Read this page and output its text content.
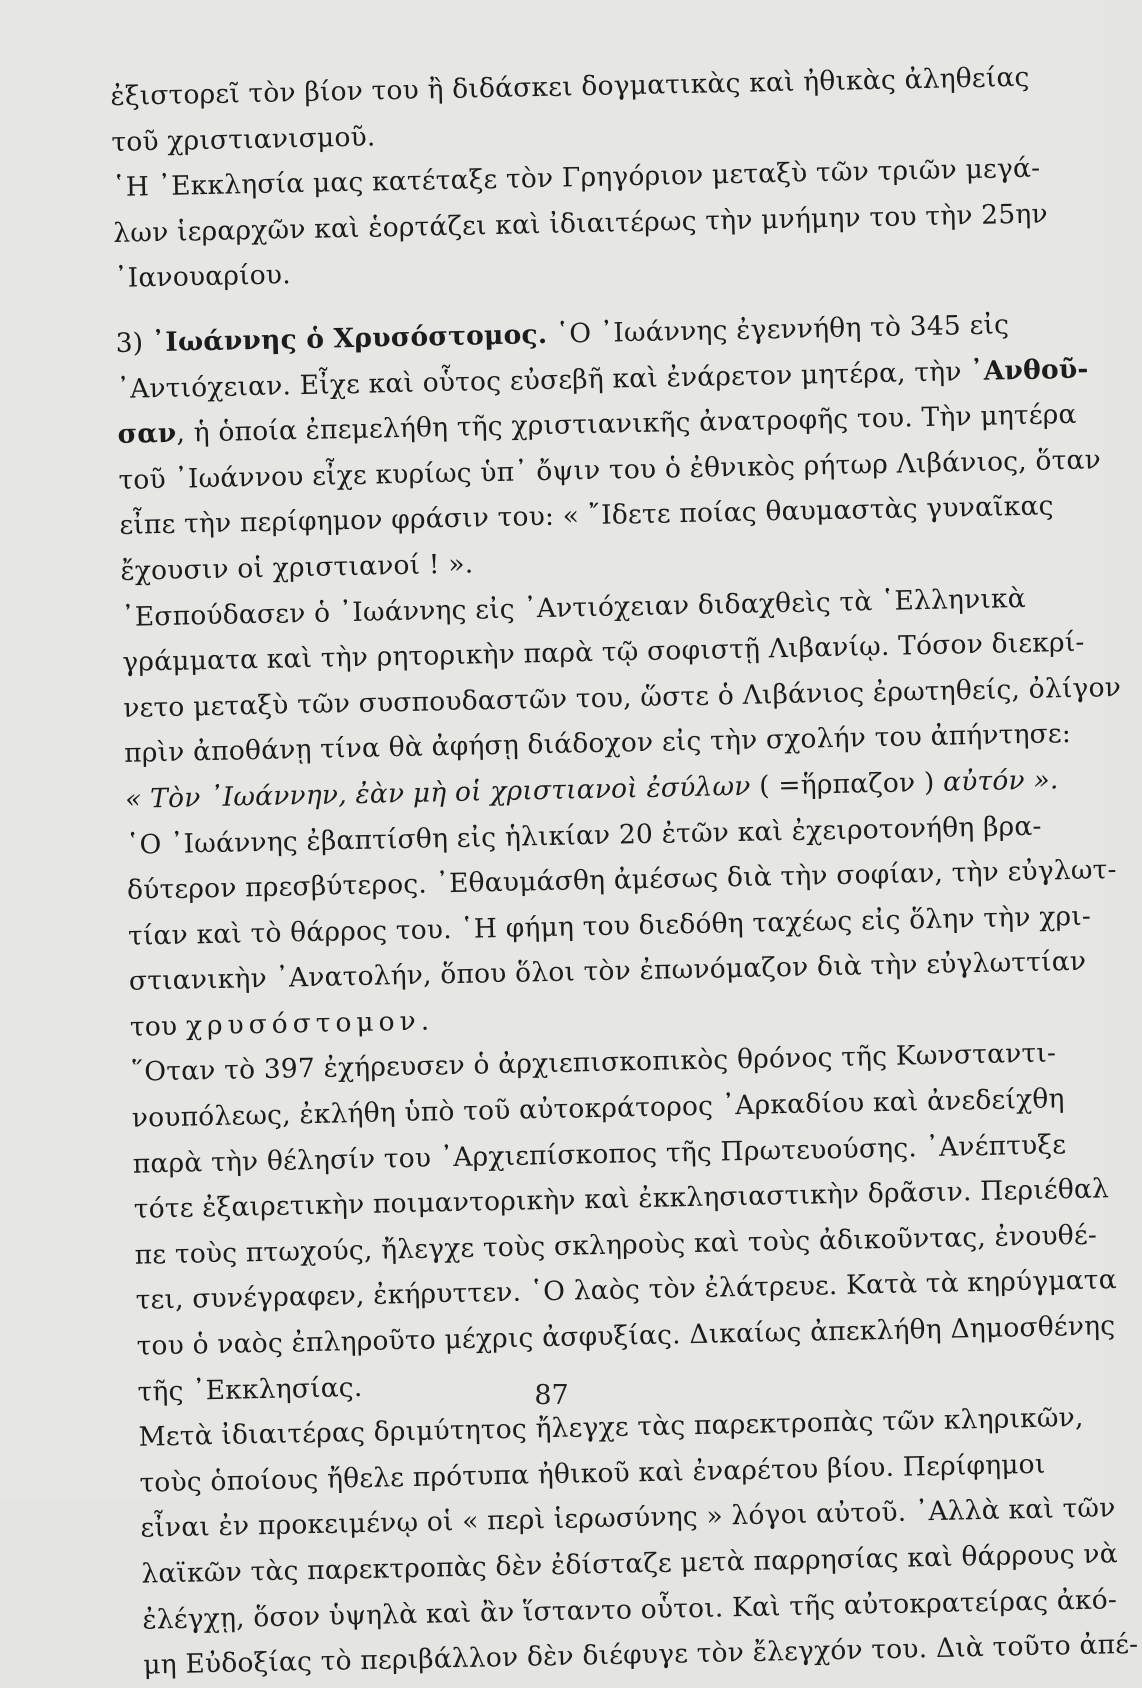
ἐξιστορεῖ τὸν βίον του ἢ διδάσκει δογματικὰς καὶ ἠθικὰς ἀληθείας
τοῦ χριστιανισμοῦ.
῾Η ᾽Εκκλησία μας κατέταξε τὸν Γρηγόριον μεταξὺ τῶν τριῶν μεγά-
λων ἱεραρχῶν καὶ ἑορτάζει καὶ ἰδιαιτέρως τὴν μνήμην του τὴν 25ην
᾽Ιανουαρίου.
3) ᾽Ιωάννης ὁ Χρυσόστομος. ῾Ο ᾽Ιωάννης ἐγεννήθη τὸ 345 εἰς
᾽Αντιόχειαν. Εἶχε καὶ οὗτος εὐσεβῆ καὶ ἐνάρετον μητέρα, τὴν ᾽Ανθοῦ-
σαν, ἡ ὁποία ἐπεμελήθη τῆς χριστιανικῆς ἀνατροφῆς του. Τὴν μητέρα
τοῦ ᾽Ιωάννου εἶχε κυρίως ὑπ᾽ ὄψιν του ὁ ἐθνικὸς ρήτωρ Λιβάνιος, ὅταν
εἶπε τὴν περίφημον φράσιν του: « ῎Ιδετε ποίας θαυμαστὰς γυναῖκας
ἔχουσιν οἱ χριστιανοί ! ».
᾽Εσπούδασεν ὁ ᾽Ιωάννης εἰς ᾽Αντιόχειαν διδαχθεὶς τὰ ῾Ελληνικὰ
γράμματα καὶ τὴν ρητορικὴν παρὰ τῷ σοφιστῇ Λιβανίῳ. Τόσον διεκρί-
νετο μεταξὺ τῶν συσπουδαστῶν του, ὥστε ὁ Λιβάνιος ἐρωτηθείς, ὀλίγον
πρὶν ἀποθάνῃ τίνα θὰ ἀφήσῃ διάδοχον εἰς τὴν σχολήν του ἀπήντησε:
« Τὸν ᾽Ιωάννην, ἐὰν μὴ οἱ χριστιανοὶ ἐσύλων ( =ἥρπαζον ) αὐτόν ».
῾Ο ᾽Ιωάννης ἐβαπτίσθη εἰς ἡλικίαν 20 ἐτῶν καὶ ἐχειροτονήθη βρα-
δύτερον πρεσβύτερος. ᾽Εθαυμάσθη ἀμέσως διὰ τὴν σοφίαν, τὴν εὐγλωτ-
τίαν καὶ τὸ θάρρος του. ῾Η φήμη του διεδόθη ταχέως εἰς ὅλην τὴν χρι-
στιανικὴν ᾽Ανατολήν, ὅπου ὅλοι τὸν ἐπωνόμαζον διὰ τὴν εὐγλωττίαν
του χρυσόστομον.
῞Οταν τὸ 397 ἐχήρευσεν ὁ ἀρχιεπισκοπικὸς θρόνος τῆς Κωνσταντι-
νουπόλεως, ἐκλήθη ὑπὸ τοῦ αὐτοκράτορος ᾽Αρκαδίου καὶ ἀνεδείχθη
παρὰ τὴν θέλησίν του ᾽Αρχιεπίσκοπος τῆς Πρωτευούσης. ᾽Ανέπτυξε
τότε ἐξαιρετικὴν ποιμαντορικὴν καὶ ἐκκλησιαστικὴν δρᾶσιν. Περιέθαλ
πε τοὺς πτωχούς, ἤλεγχε τοὺς σκληροὺς καὶ τοὺς ἀδικοῦντας, ἐνουθέ-
τει, συνέγραφεν, ἐκήρυττεν. ῾Ο λαὸς τὸν ἐλάτρευε. Κατὰ τὰ κηρύγματα
του ὁ ναὸς ἐπληροῦτο μέχρις ἀσφυξίας. Δικαίως ἀπεκλήθη Δημοσθένης
τῆς ᾽Εκκλησίας.
Μετὰ ἰδιαιτέρας δριμύτητος ἤλεγχε τὰς παρεκτροπὰς τῶν κληρικῶν,
τοὺς ὁποίους ἤθελε πρότυπα ἠθικοῦ καὶ ἐναρέτου βίου. Περίφημοι
εἶναι ἐν προκειμένῳ οἱ « περὶ ἱερωσύνης » λόγοι αὐτοῦ. ᾽Αλλὰ καὶ τῶν
λαϊκῶν τὰς παρεκτροπὰς δὲν ἐδίσταζε μετὰ παρρησίας καὶ θάρρους νὰ
ἐλέγχῃ, ὅσον ὑψηλὰ καὶ ἂν ἵσταντο οὗτοι. Καὶ τῆς αὐτοκρατείρας ἀκό-
μη Εὐδοξίας τὸ περιβάλλον δὲν διέφυγε τὸν ἔλεγχόν του. Διὰ τοῦτο ἀπέ-
87
